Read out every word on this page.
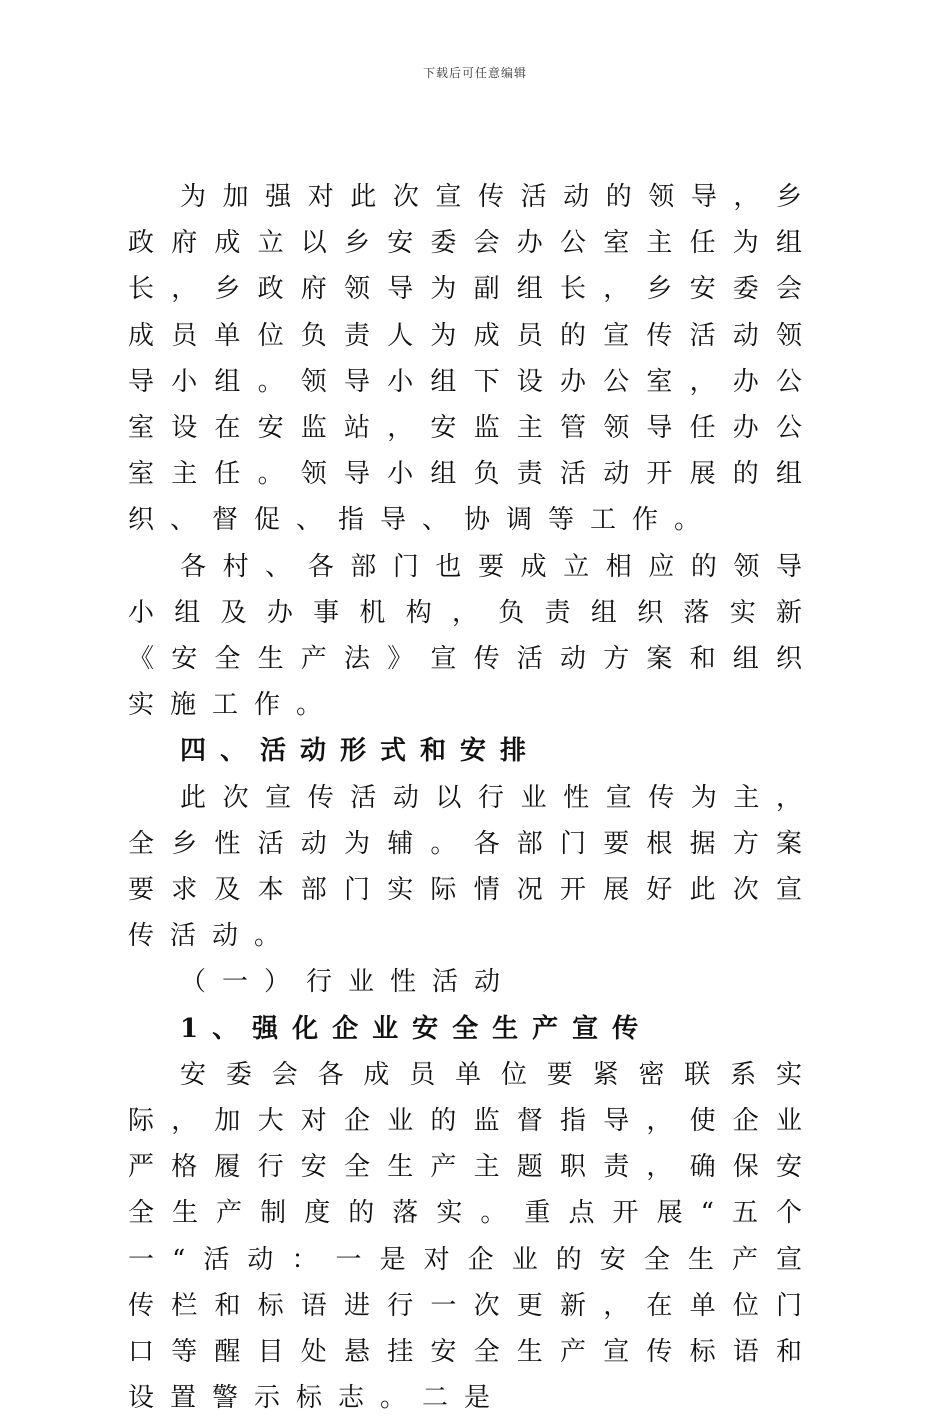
下载后可任意编辑

为加强对此次宣传活动的领导，乡政府成立以乡安委会办公室主任为组长，乡政府领导为副组长，乡安委会成员单位负责人为成员的宣传活动领导小组。领导小组下设办公室，办公室设在安监站，安监主管领导任办公室主任。领导小组负责活动开展的组织、督促、指导、协调等工作。

各村、各部门也要成立相应的领导小组及办事机构，负责组织落实新《安全生产法》宣传活动方案和组织实施工作。

四、活动形式和安排

此次宣传活动以行业性宣传为主，全乡性活动为辅。各部门要根据方案要求及本部门实际情况开展好此次宣传活动。

（一）行业性活动

1、强化企业安全生产宣传

安委会各成员单位要紧密联系实际，加大对企业的监督指导，使企业严格履行安全生产主题职责，确保安全生产制度的落实。重点开展“五个一“活动：一是对企业的安全生产宣传栏和标语进行一次更新，在单位门口等醒目处悬挂安全生产宣传标语和设置警示标志。二是
